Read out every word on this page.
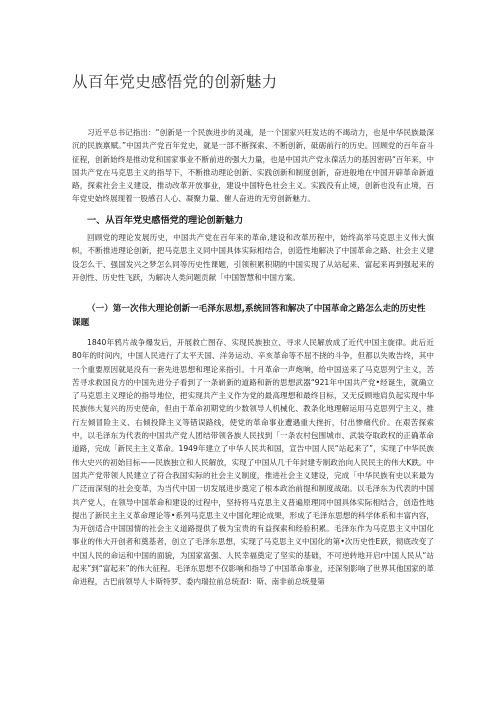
从百年党史感悟党的创新魅力
习近平总书记指出：“创新是一个民族进步的灵魂，是一个国家兴旺发达的不竭动力，也是中华民族最深沉的民族禀赋。”中国共产党百年党史，就是一部不断探索、不断创新，砥砺前行的历史。回顾党的百年奋斗征程，创新始终是推动党和国家事业不断前进的强大力量，也是中国共产党永葆活力的基因密码“百年来，中国共产党在马克思主义的指导下，不断推动理论创新、实践创新和制度创新，奋进般地在中国开辟革命新道路，探索社会主义建设，推动改革开放事业，建设中国特色社会主义。实践没有止境，创新也没有止境，百年党史始终展现着一股感召人心、凝聚力量、催人奋进的无穷创新魅力。
一、从百年党史感悟党的理论创新魅力
回顾党的理论发展历史，中国共产党在百年来的革命,建设和改革历程中，始终高举马克思主义伟大旗帜，不断推进理论创新，把马克思主义同中国具体实际相结合，创造性地解决了中国革命之路、社会主义建设怎么干、强国发兴之梦怎么同等历史性课题，引领积累积期的中国实现了从站起来、富起来再到强起来的开创性、历史性飞跃，为解决人类问题贡献「中国智慧和中国方案。
（一）第一次伟大理论创新一毛泽东思想,系统回答和解决了中国革命之路怎么走的历史性课题
1840年鸦片战争爆发后，开展救亡图存、实现民族独立、寻求人民解放成了近代中国主旋律。此后近80年的时间内，中国人民进行了太平天国、洋务运动、辛亥革命等不屈不挠的斗争，但都以失败告终，其中一个重要原因就是没有一套先进思想和理论来指引。十月革命一声炮响，给中国送来了马克思列宁主义，苦苦寻求救国良方的中国先进分子看到了一条崭新的道路和新的思想武器“921年中国共产党•经诞生，就确立了马克思主义理论的指导地位，把实现共产主义作为党的最高理想和最终目标，又无反顾地肩负起实现中华民族伟大复兴的历史使命，但由于革命初期党的少数领导人机械化、教条化地理解运用马克思列宁主义，推行左倾冒险主义、右倾投降主义等错误路线，使党的革命事业遭遇重大挫折，付出惨痛代价。在艰苦探索中，以毛泽东为代表的中国共产党人团结带领各族人民找到「一条农村包围城市、武装夺取政权的正确革命道路，完成「新民主主义革命。1949年建立了中华人民共和国，宣告中国人民“站起来了”，实现了中华民族伟大史兴的初始目标——民族独立和人民解放，实现了中国从几千年封建专制政治向人民民主的伟大K跌。中国共产党带领人民建立了符合我国实际的社会主义制度，推进社会主义建设，完成「中华民族有史以来最为广泛而深刻的社会变革，为当代中国一切发展进步奠定了根本政治前提和制度战础。以毛泽东为代表的中国共产党人，在领导中国革命和建设的过程中，坚持将马克思主义普遍原理同中国具体实际相结合，创造性地提出了新民主主义革命理论等•系列马克思主义中国化理论成果，形成了毛泽东思想的科学体系和丰富内容，为开创适合中国国情的社会主义道路提供了极为宝贵的有益探索和经验积累。毛泽东作为马克思主义中国化事业的伟大开创者和奠基者，创立了毛泽东思想，实现了马克思主义中国化的第•次历史性E跃，彻底改变了中国人民的命运和中国的面貌，为国家富强、人民幸福奠定了坚实的基础，不可逆转地开启r中国人民从“站起来”到“富起来”的伟大征程。毛泽东思想不仅影响和指导了中国革命事业，还深刻影响了世界其他国家的革命进程，古巴前领导人卡斯特罗、委内瑞拉前总统查I：斯、南非前总统曼第
